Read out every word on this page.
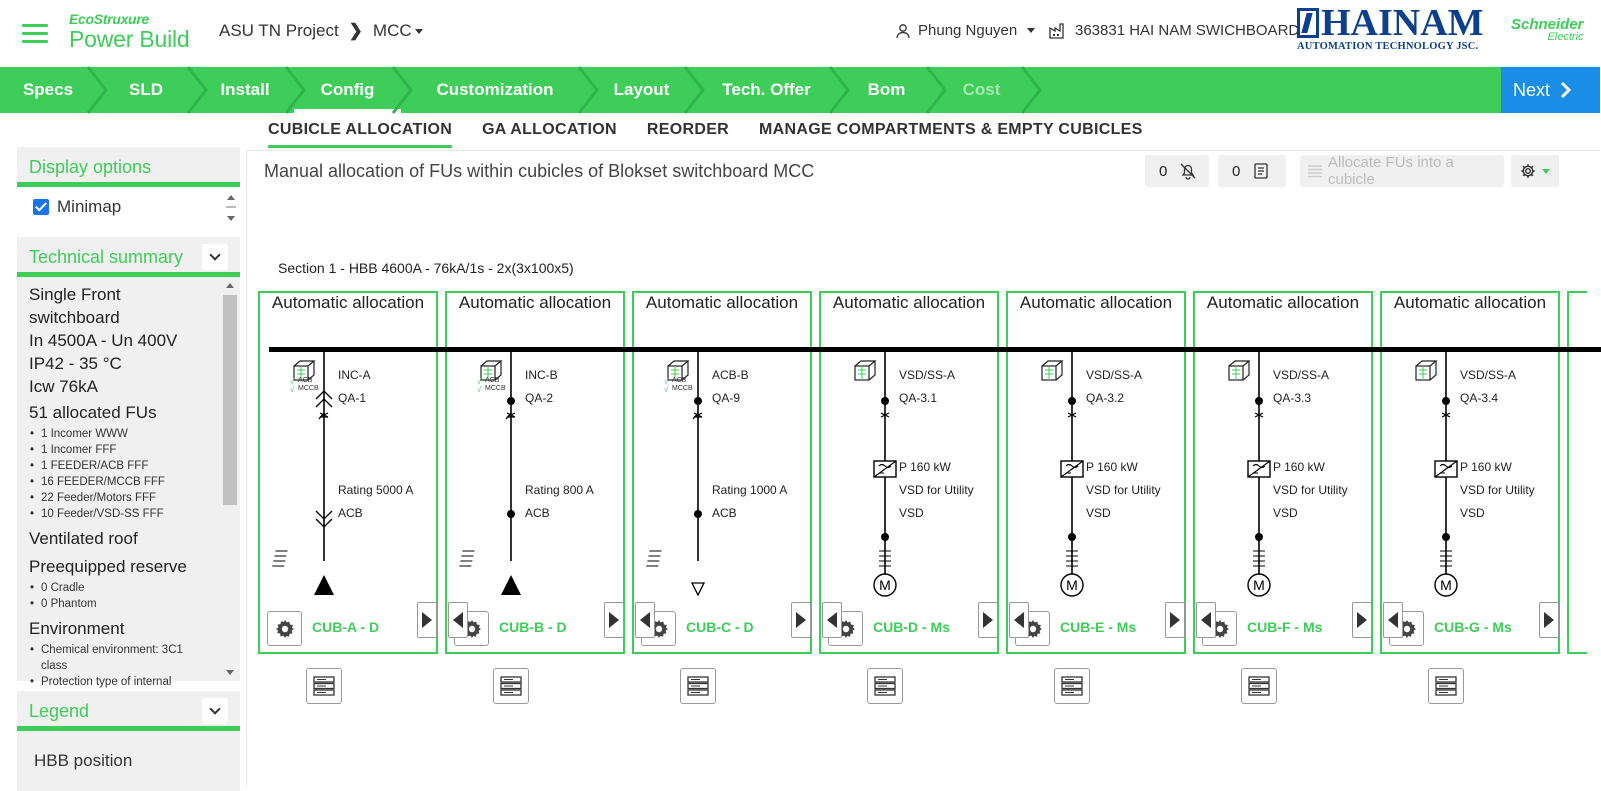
EcoStruxure
Power Build ASU TN Project ❯ MCC	Phung Nguyen	363831 HAI NAM SWICHBOARD HAINAM
AUTOMATION TECHNOLOGY JSC.
Schneider
Electric
Specs	SLD	Install	Config	Customization	Layout	Tech. Offer	Bom	Cost	Next
CUBICLE ALLOCATION GA ALLOCATION REORDER MANAGE COMPARTMENTS & EMPTY CUBICLES
Display options
Minimap
Technical summary
Single Front
switchboard
In 4500A - Un 400V
IP42 - 35 °C
Icw 76kA
51 allocated FUs
• 1 Incomer WWW
• 1 Incomer FFF
• 1 FEEDER/ACB FFF
• 16 FEEDER/MCCB FFF
• 22 Feeder/Motors FFF
• 10 Feeder/VSD-SS FFF
Ventilated roof
Preequipped reserve
• 0 Cradle
• 0 Phantom
Environment
• Chemical environment: 3C1 class
• Protection type of internal
Legend
HBB position
Manual allocation of FUs within cubicles of Blokset switchboard MCC	0	0	Allocate FUs into a cubicle
Section 1 - HBB 4600A - 76kA/1s - 2x(3x100x5)
Automatic allocation
√
√
ACB
MCCB
INC-A
QA-1
Rating 5000 A
ACB
CUB-A - D
Automatic allocation
√
√
ACB
MCCB
INC-B
QA-2
Rating 800 A
ACB
CUB-B - D
Automatic allocation
√
√
ACB
MCCB
ACB-B
QA-9
Rating 1000 A
ACB
CUB-C - D
Automatic allocation
M
VSD/SS-A
QA-3.1
P 160 kW
VSD for Utility
VSD
CUB-D - Ms
Automatic allocation
M
VSD/SS-A
QA-3.2
P 160 kW
VSD for Utility
VSD
CUB-E - Ms
Automatic allocation
M
VSD/SS-A
QA-3.3
P 160 kW
VSD for Utility
VSD
CUB-F - Ms
Automatic allocation
M
VSD/SS-A
QA-3.4
P 160 kW
VSD for Utility
VSD
CUB-G - Ms
